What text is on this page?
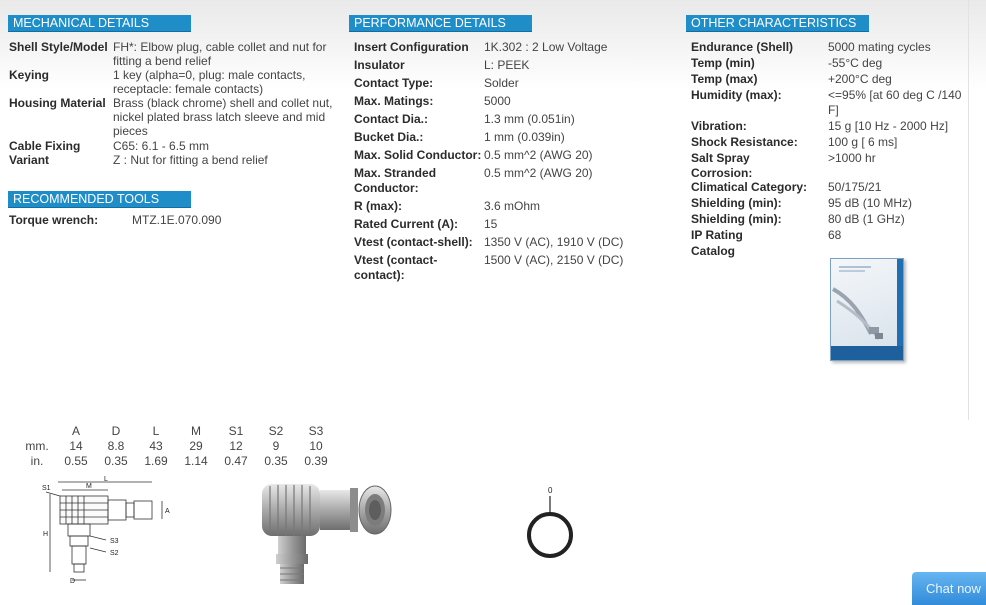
MECHANICAL DETAILS
Shell Style/Model FH*: Elbow plug, cable collet and nut for
fitting a bend relief
Keying	1 key (alpha=0, plug: male contacts,
receptacle: female contacts)
Housing Material Brass (black chrome) shell and collet nut,
nickel plated brass latch sleeve and mid
pieces
Cable Fixing	C65: 6.1 - 6.5 mm
Variant	Z : Nut for fitting a bend relief
RECOMMENDED TOOLS
Torque wrench:	MTZ.1E.070.090
PERFORMANCE DETAILS
Insert Configuration	1K.302 : 2 Low Voltage
Insulator	L: PEEK
Contact Type:	Solder
Max. Matings:	5000
Contact Dia.:	1.3 mm (0.051in)
Bucket Dia.:	1 mm (0.039in)
Max. Solid Conductor: 0.5 mm^2 (AWG 20)
Max. Stranded
Conductor:
0.5 mm^2 (AWG 20)
R (max):	3.6 mOhm
Rated Current (A):	15
Vtest (contact-shell): 1350 V (AC), 1910 V (DC)
Vtest (contact-
contact):
1500 V (AC), 2150 V (DC)
OTHER CHARACTERISTICS
Endurance (Shell)	5000 mating cycles
Temp (min)	-55°C deg
Temp (max)	+200°C deg
Humidity (max):	<=95% [at 60 deg C /140
F]
Vibration:	15 g [10 Hz - 2000 Hz]
Shock Resistance:	100 g [ 6 ms]
Salt Spray
Corrosion:
>1000 hr
Climatical Category:	50/175/21
Shielding (min):	95 dB (10 MHz)
Shielding (min):	80 dB (1 GHz)
IP Rating	68
Catalog
	A	D	L	M	S1	S2	S3
mm.	14	8.8	43	29	12	9	10
in.	0.55	0.35	1.69	1.14	0.47	0.35	0.39
S1	M
L
A
H
S3
S2
D
0
Chat now
